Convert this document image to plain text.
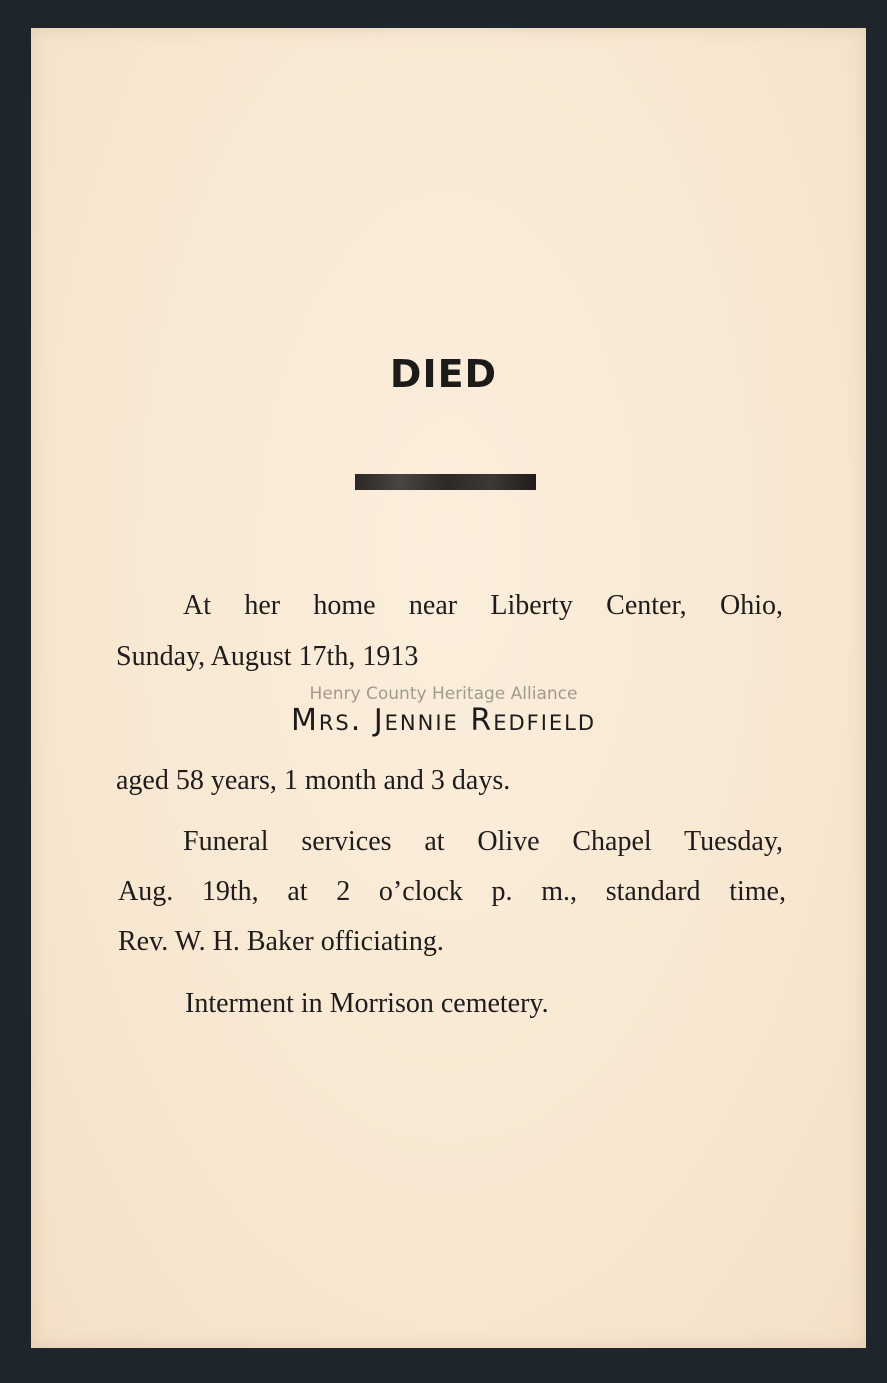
DIED
At her home near Liberty Center, Ohio,
Sunday, August 17th, 1913
Henry County Heritage Alliance
Mrs. Jennie Redfield
aged 58 years, 1 month and 3 days.
Funeral services at Olive Chapel Tuesday,
Aug. 19th, at 2 o’clock p. m., standard time,
Rev. W. H. Baker officiating.
Interment in Morrison cemetery.
